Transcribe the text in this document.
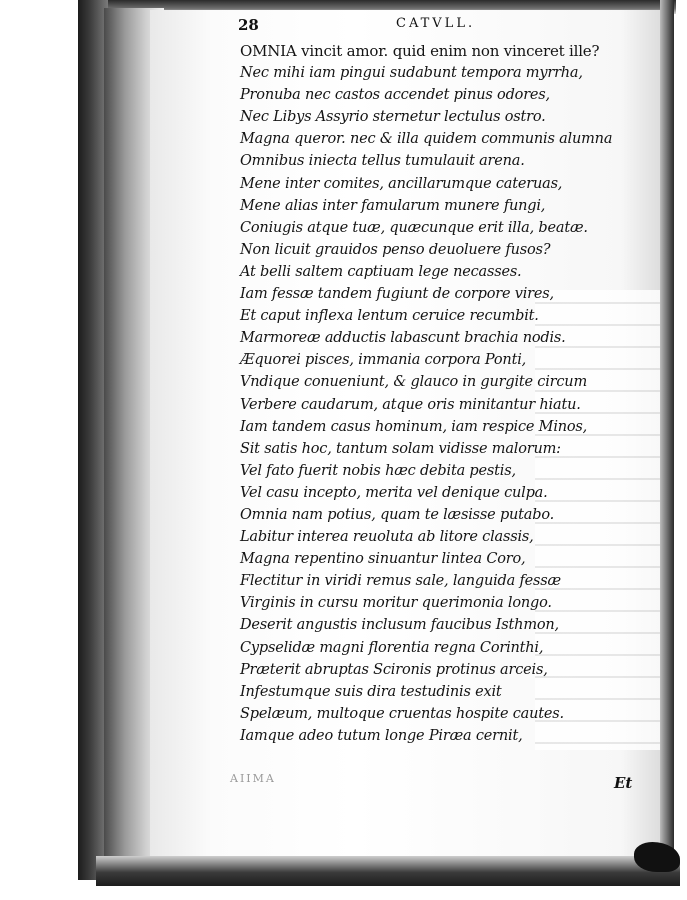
28	CATVLL.
OMNIA vincit amor. quid enim non vinceret ille?
Nec mihi iam pingui sudabunt tempora myrrha,
Pronuba nec castos accendet pinus odores,
Nec Libys Assyrio sternetur lectulus ostro.
Magna queror. nec & illa quidem communis alumna
Omnibus iniecta tellus tumulauit arena.
Mene inter comites, ancillarumque cateruas,
Mene alias inter famularum munere fungi,
Coniugis atque tuæ, quæcunque erit illa, beatæ.
Non licuit grauidos penso deuoluere fusos?
At belli saltem captiuam lege necasses.
Iam fessæ tandem fugiunt de corpore vires,
Et caput inflexa lentum ceruice recumbit.
Marmoreæ adductis labascunt brachia nodis.
Æquorei pisces, immania corpora Ponti,
Vndique conueniunt, & glauco in gurgite circum
Verbere caudarum, atque oris minitantur hiatu.
Iam tandem casus hominum, iam respice Minos,
Sit satis hoc, tantum solam vidisse malorum:
Vel fato fuerit nobis hæc debita pestis,
Vel casu incepto, merita vel denique culpa.
Omnia nam potius, quam te læsisse putabo.
Labitur interea reuoluta ab litore classis,
Magna repentino sinuantur lintea Coro,
Flectitur in viridi remus sale, languida fessæ
Virginis in cursu moritur querimonia longo.
Deserit angustis inclusum faucibus Isthmon,
Cypselidæ magni florentia regna Corinthi,
Præterit abruptas Scironis protinus arceis,
Infestumque suis dira testudinis exit
Spelæum, multoque cruentas hospite cautes.
Iamque adeo tutum longe Piræa cernit,
AIIMA	Et
